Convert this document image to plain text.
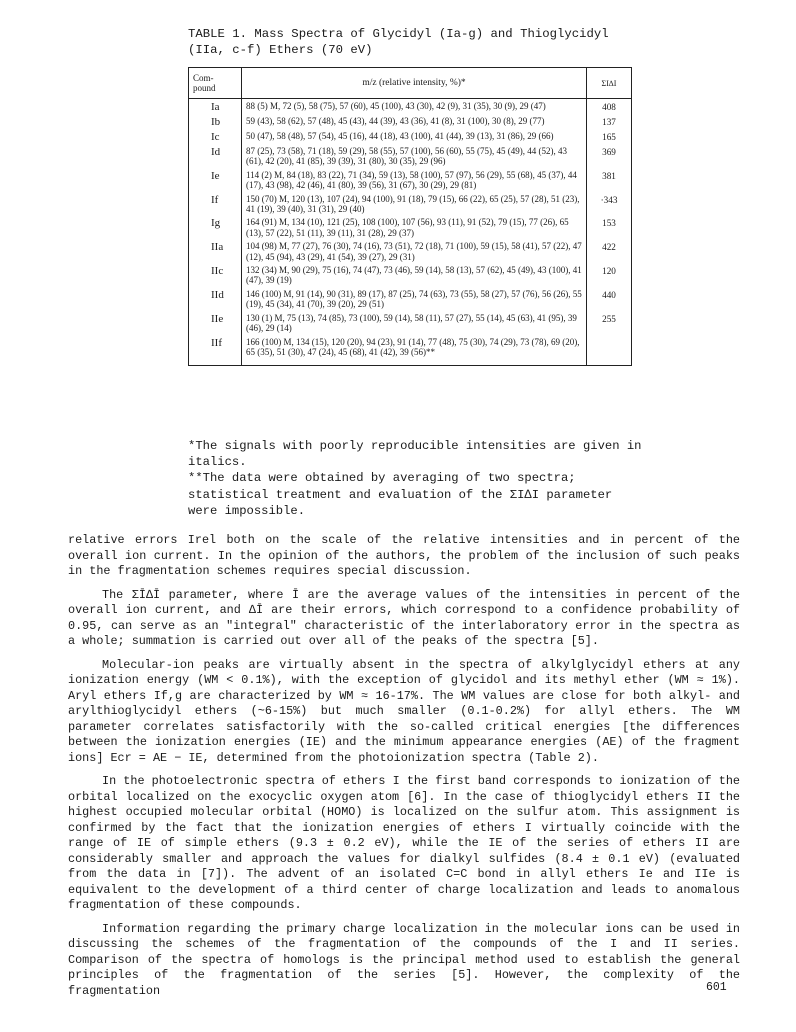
TABLE 1. Mass Spectra of Glycidyl (Ia-g) and Thioglycidyl
(IIa, c-f) Ethers (70 eV)
Com-
pound	m/z (relative intensity, %)*	ΣI∆I
Ia	88 (5) M, 72 (5), 58 (75), 57 (60), 45 (100), 43 (30), 42 (9), 31 (35), 30 (9), 29 (47)	408
Ib	59 (43), 58 (62), 57 (48), 45 (43), 44 (39), 43 (36), 41 (8), 31 (100), 30 (8), 29 (77)	137
Ic	50 (47), 58 (48), 57 (54), 45 (16), 44 (18), 43 (100), 41 (44), 39 (13), 31 (86), 29 (66)	165
Id	87 (25), 73 (58), 71 (18), 59 (29), 58 (55), 57 (100), 56 (60), 55 (75), 45 (49), 44 (52), 43 (61), 42 (20), 41 (85), 39 (39), 31 (80), 30 (35), 29 (96)	369
Ie	114 (2) M, 84 (18), 83 (22), 71 (34), 59 (13), 58 (100), 57 (97), 56 (29), 55 (68), 45 (37), 44 (17), 43 (98), 42 (46), 41 (80), 39 (56), 31 (67), 30 (29), 29 (81)	381
If	150 (70) M, 120 (13), 107 (24), 94 (100), 91 (18), 79 (15), 66 (22), 65 (25), 57 (28), 51 (23), 41 (19), 39 (40), 31 (31), 29 (40)	·343
Ig	164 (91) M, 134 (10), 121 (25), 108 (100), 107 (56), 93 (11), 91 (52), 79 (15), 77 (26), 65 (13), 57 (22), 51 (11), 39 (11), 31 (28), 29 (37)	153
IIa	104 (98) M, 77 (27), 76 (30), 74 (16), 73 (51), 72 (18), 71 (100), 59 (15), 58 (41), 57 (22), 47 (12), 45 (94), 43 (29), 41 (54), 39 (27), 29 (31)	422
IIc	132 (34) M, 90 (29), 75 (16), 74 (47), 73 (46), 59 (14), 58 (13), 57 (62), 45 (49), 43 (100), 41 (47), 39 (19)	120
IId	146 (100) M, 91 (14), 90 (31), 89 (17), 87 (25), 74 (63), 73 (55), 58 (27), 57 (76), 56 (26), 55 (19), 45 (34), 41 (70), 39 (20), 29 (51)	440
IIe	130 (1) M, 75 (13), 74 (85), 73 (100), 59 (14), 58 (11), 57 (27), 55 (14), 45 (63), 41 (95), 39 (46), 29 (14)	255
IIf	166 (100) M, 134 (15), 120 (20), 94 (23), 91 (14), 77 (48), 75 (30), 74 (29), 73 (78), 69 (20), 65 (35), 51 (30), 47 (24), 45 (68), 41 (42), 39 (56)**	

*The signals with poorly reproducible intensities are given in italics.

**The data were obtained by averaging of two spectra; statistical treatment and evaluation of the ΣI∆I parameter were impossible.

relative errors Irel both on the scale of the relative intensities and in percent of the overall ion current. In the opinion of the authors, the problem of the inclusion of such peaks in the fragmentation schemes requires special discussion.

The ΣĪ∆Ī parameter, where Ī are the average values of the intensities in percent of the overall ion current, and ∆Ī are their errors, which correspond to a confidence probability of 0.95, can serve as an "integral" characteristic of the interlaboratory error in the spectra as a whole; summation is carried out over all of the peaks of the spectra [5].

Molecular-ion peaks are virtually absent in the spectra of alkylglycidyl ethers at any ionization energy (WM < 0.1%), with the exception of glycidol and its methyl ether (WM ≈ 1%). Aryl ethers If,g are characterized by WM ≈ 16-17%. The WM values are close for both alkyl- and arylthioglycidyl ethers (~6-15%) but much smaller (0.1-0.2%) for allyl ethers. The WM parameter correlates satisfactorily with the so-called critical energies [the differences between the ionization energies (IE) and the minimum appearance energies (AE) of the fragment ions] Ecr = AE − IE, determined from the photoionization spectra (Table 2).

In the photoelectronic spectra of ethers I the first band corresponds to ionization of the orbital localized on the exocyclic oxygen atom [6]. In the case of thioglycidyl ethers II the highest occupied molecular orbital (HOMO) is localized on the sulfur atom. This assignment is confirmed by the fact that the ionization energies of ethers I virtually coincide with the range of IE of simple ethers (9.3 ± 0.2 eV), while the IE of the series of ethers II are considerably smaller and approach the values for dialkyl sulfides (8.4 ± 0.1 eV) (evaluated from the data in [7]). The advent of an isolated C=C bond in allyl ethers Ie and IIe is equivalent to the development of a third center of charge localization and leads to anomalous fragmentation of these compounds.

Information regarding the primary charge localization in the molecular ions can be used in discussing the schemes of the fragmentation of the compounds of the I and II series. Comparison of the spectra of homologs is the principal method used to establish the general principles of the fragmentation of the series [5]. However, the complexity of the fragmentation	601
